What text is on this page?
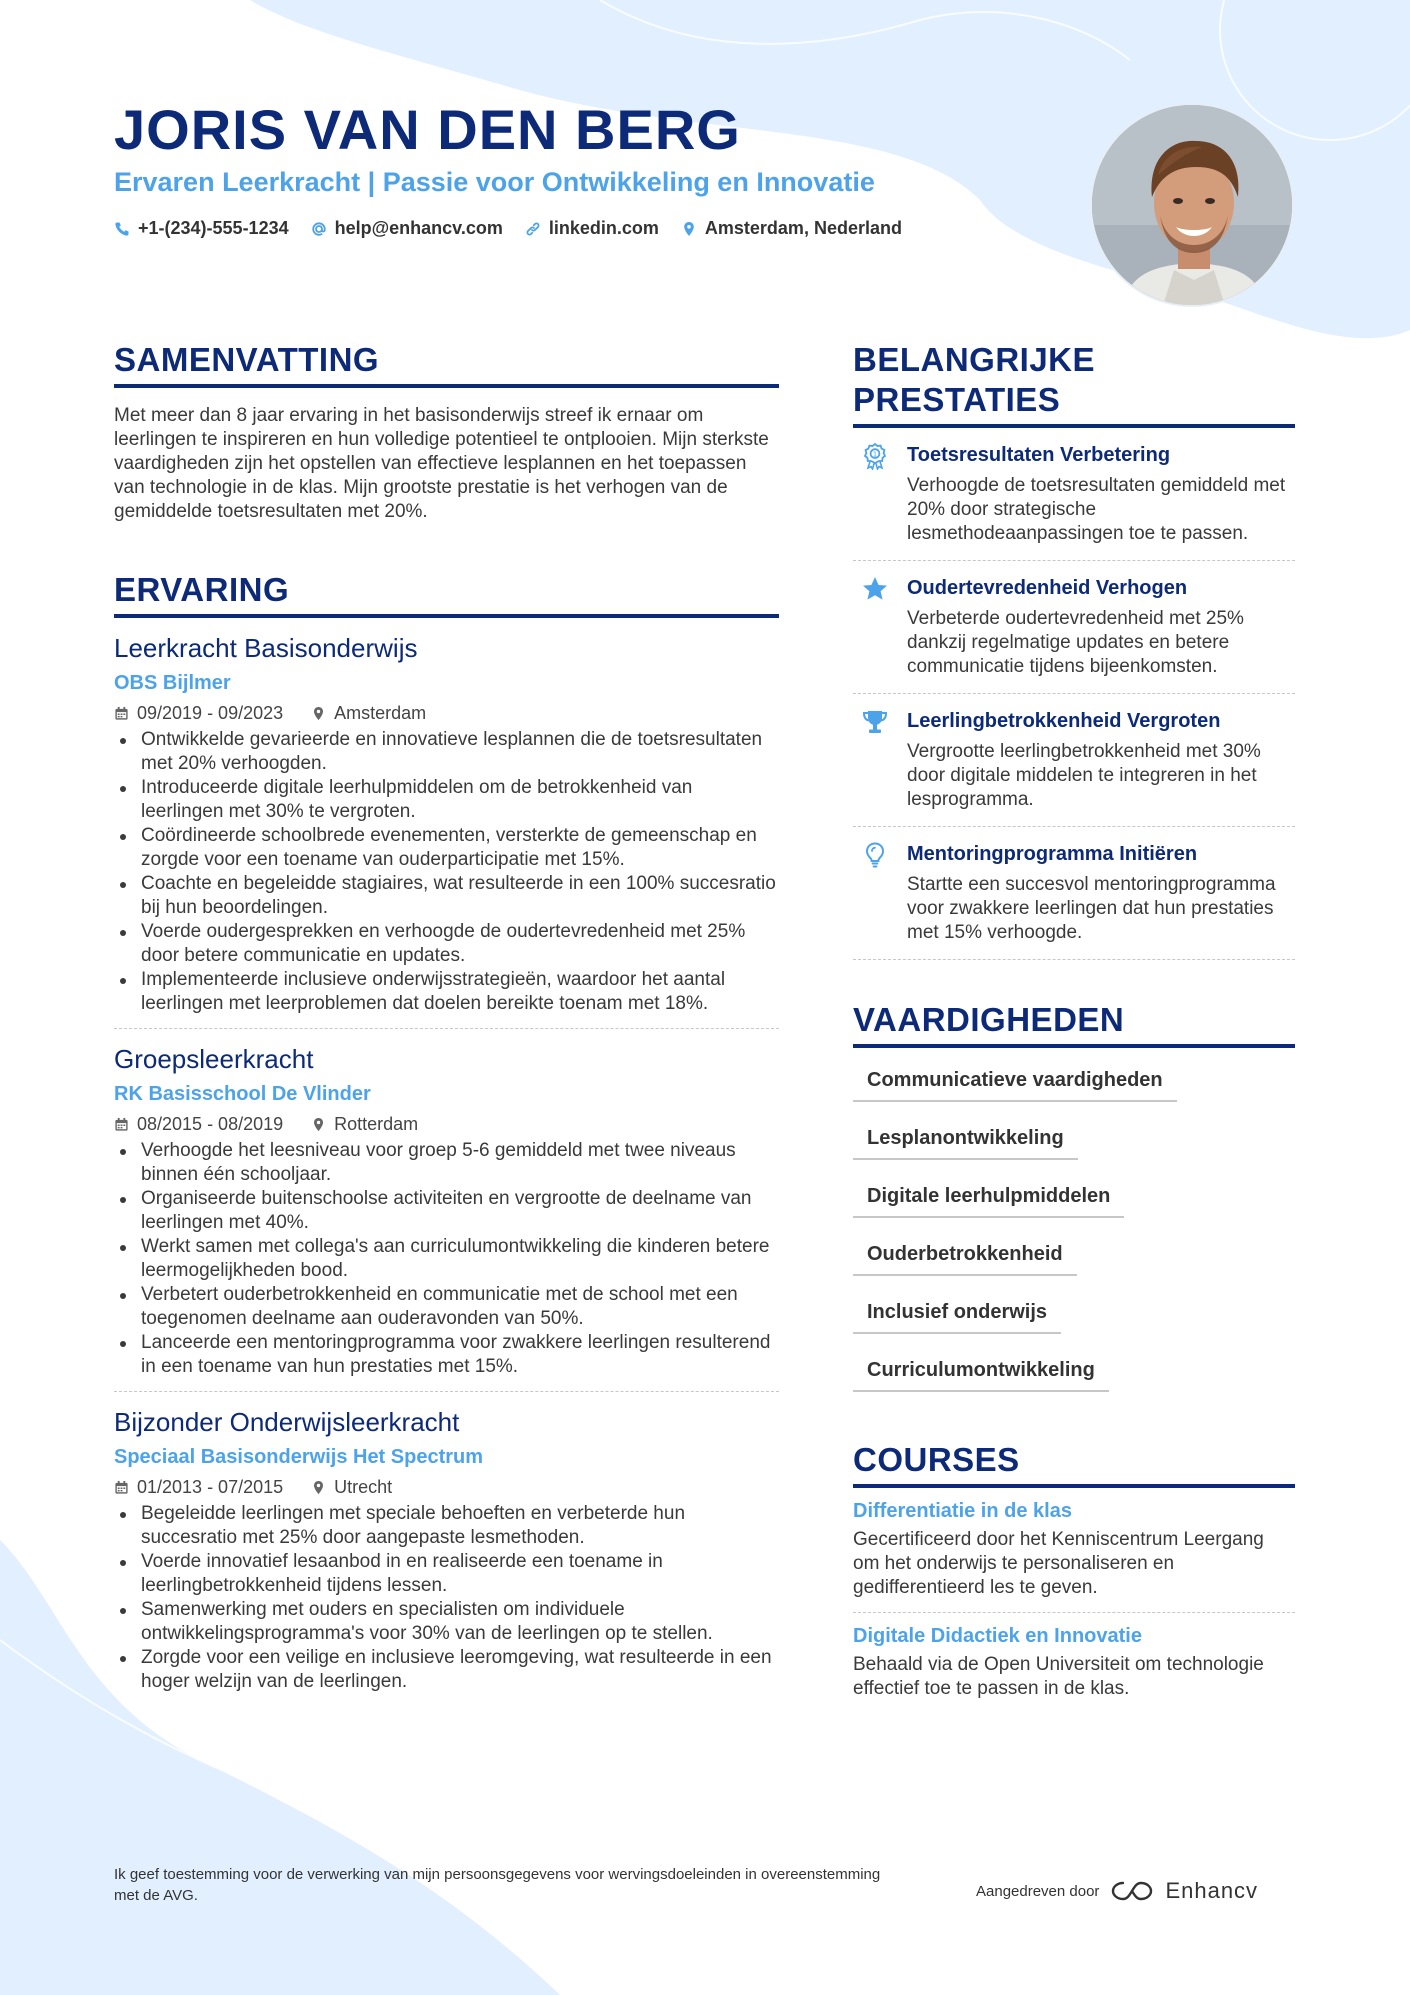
JORIS VAN DEN BERG
Ervaren Leerkracht | Passie voor Ontwikkeling en Innovatie
+1-(234)-555-1234	help@enhancv.com	linkedin.com	Amsterdam, Nederland
SAMENVATTING

Met meer dan 8 jaar ervaring in het basisonderwijs streef ik ernaar om leerlingen te inspireren en hun volledige potentieel te ontplooien. Mijn sterkste vaardigheden zijn het opstellen van effectieve lesplannen en het toepassen van technologie in de klas. Mijn grootste prestatie is het verhogen van de gemiddelde toetsresultaten met 20%.

ERVARING
Leerkracht Basisonderwijs
OBS Bijlmer
09/2019 - 09/2023	Amsterdam
Ontwikkelde gevarieerde en innovatieve lesplannen die de toetsresultaten met 20% verhoogden.
Introduceerde digitale leerhulpmiddelen om de betrokkenheid van leerlingen met 30% te vergroten.
Coördineerde schoolbrede evenementen, versterkte de gemeenschap en zorgde voor een toename van ouderparticipatie met 15%.
Coachte en begeleidde stagiaires, wat resulteerde in een 100% succesratio bij hun beoordelingen.
Voerde oudergesprekken en verhoogde de oudertevredenheid met 25% door betere communicatie en updates.
Implementeerde inclusieve onderwijsstrategieën, waardoor het aantal leerlingen met leerproblemen dat doelen bereikte toenam met 18%.
Groepsleerkracht
RK Basisschool De Vlinder
08/2015 - 08/2019	Rotterdam
Verhoogde het leesniveau voor groep 5-6 gemiddeld met twee niveaus binnen één schooljaar.
Organiseerde buitenschoolse activiteiten en vergrootte de deelname van leerlingen met 40%.
Werkt samen met collega's aan curriculumontwikkeling die kinderen betere leermogelijkheden bood.
Verbetert ouderbetrokkenheid en communicatie met de school met een toegenomen deelname aan ouderavonden van 50%.
Lanceerde een mentoringprogramma voor zwakkere leerlingen resulterend in een toename van hun prestaties met 15%.
Bijzonder Onderwijsleerkracht
Speciaal Basisonderwijs Het Spectrum
01/2013 - 07/2015	Utrecht
Begeleidde leerlingen met speciale behoeften en verbeterde hun succesratio met 25% door aangepaste lesmethoden.
Voerde innovatief lesaanbod in en realiseerde een toename in leerlingbetrokkenheid tijdens lessen.
Samenwerking met ouders en specialisten om individuele ontwikkelingsprogramma's voor 30% van de leerlingen op te stellen.
Zorgde voor een veilige en inclusieve leeromgeving, wat resulteerde in een hoger welzijn van de leerlingen.
BELANGRIJKE PRESTATIES
1 Toetsresultaten Verbetering
Verhoogde de toetsresultaten gemiddeld met 20% door strategische lesmethodeaanpassingen toe te passen.
Oudertevredenheid Verhogen
Verbeterde oudertevredenheid met 25% dankzij regelmatige updates en betere communicatie tijdens bijeenkomsten.
Leerlingbetrokkenheid Vergroten
Vergrootte leerlingbetrokkenheid met 30% door digitale middelen te integreren in het lesprogramma.
Mentoringprogramma Initiëren
Startte een succesvol mentoringprogramma voor zwakkere leerlingen dat hun prestaties met 15% verhoogde.
VAARDIGHEDEN
Communicatieve vaardigheden
Lesplanontwikkeling
Digitale leerhulpmiddelen
Ouderbetrokkenheid
Inclusief onderwijs
Curriculumontwikkeling
COURSES
Differentiatie in de klas
Gecertificeerd door het Kenniscentrum Leergang om het onderwijs te personaliseren en gedifferentieerd les te geven.
Digitale Didactiek en Innovatie
Behaald via de Open Universiteit om technologie effectief toe te passen in de klas.
Ik geef toestemming voor de verwerking van mijn persoonsgegevens voor wervingsdoeleinden in overeenstemming met de AVG.	Aangedreven door	Enhancv
